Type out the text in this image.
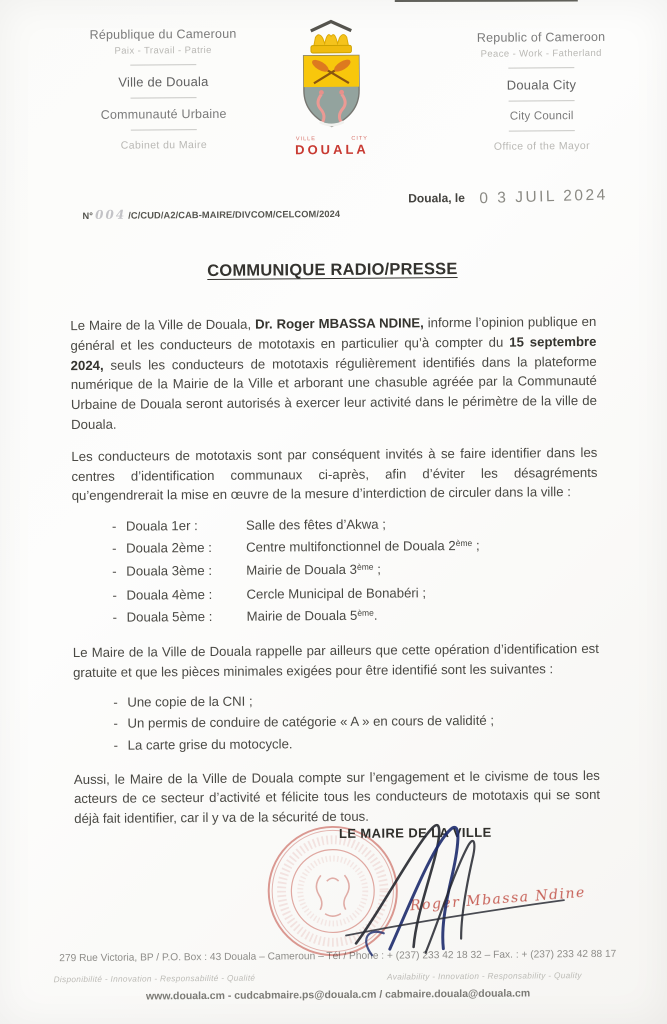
République du Cameroun
Paix - Travail - Patrie
Ville de Douala
Communauté Urbaine
Cabinet du Maire	VILLE	CITY
DOUALA
Republic of Cameroon
Peace - Work - Fatherland
Douala City
City Council
Office of the Mayor
N° 004 /C/CUD/A2/CAB-MAIRE/DIVCOM/CELCOM/2024
Douala, le 0 3 JUIL 2024
COMMUNIQUE RADIO/PRESSE

Le Maire de la Ville de Douala, Dr. Roger MBASSA NDINE, informe l’opinion publique en général et les conducteurs de mototaxis en particulier qu’à compter du 15 septembre 2024, seuls les conducteurs de mototaxis régulièrement identifiés dans la plateforme numérique de la Mairie de la Ville et arborant une chasuble agréée par la Communauté Urbaine de Douala seront autorisés à exercer leur activité dans le périmètre de la ville de Douala.

Les conducteurs de mototaxis sont par conséquent invités à se faire identifier dans les centres d’identification communaux ci-après, afin d’éviter les désagréments qu’engendrerait la mise en œuvre de la mesure d’interdiction de circuler dans la ville :

- Douala 1er :	Salle des fêtes d’Akwa ;
- Douala 2ème :	Centre multifonctionnel de Douala 2ème ;
- Douala 3ème :	Mairie de Douala 3ème ;
- Douala 4ème :	Cercle Municipal de Bonabéri ;
- Douala 5ème :	Mairie de Douala 5ème.

Le Maire de la Ville de Douala rappelle par ailleurs que cette opération d’identification est gratuite et que les pièces minimales exigées pour être identifié sont les suivantes :

- Une copie de la CNI ;
- Un permis de conduire de catégorie « A » en cours de validité ;
- La carte grise du motocycle.

Aussi, le Maire de la Ville de Douala compte sur l’engagement et le civisme de tous les acteurs de ce secteur d’activité et félicite tous les conducteurs de mototaxis qui se sont déjà fait identifier, car il y va de la sécurité de tous.

LE MAIRE DE LA VILLE
Roger Mbassa Ndine
279 Rue Victoria, BP / P.O. Box : 43 Douala – Cameroun – Tél / Phone : + (237) 233 42 18 32 – Fax. : + (237) 233 42 88 17
Disponibilité - Innovation - Responsabilité - Qualité	Availability - Innovation - Responsability - Quality
www.douala.cm - cudcabmaire.ps@douala.cm / cabmaire.douala@douala.cm
